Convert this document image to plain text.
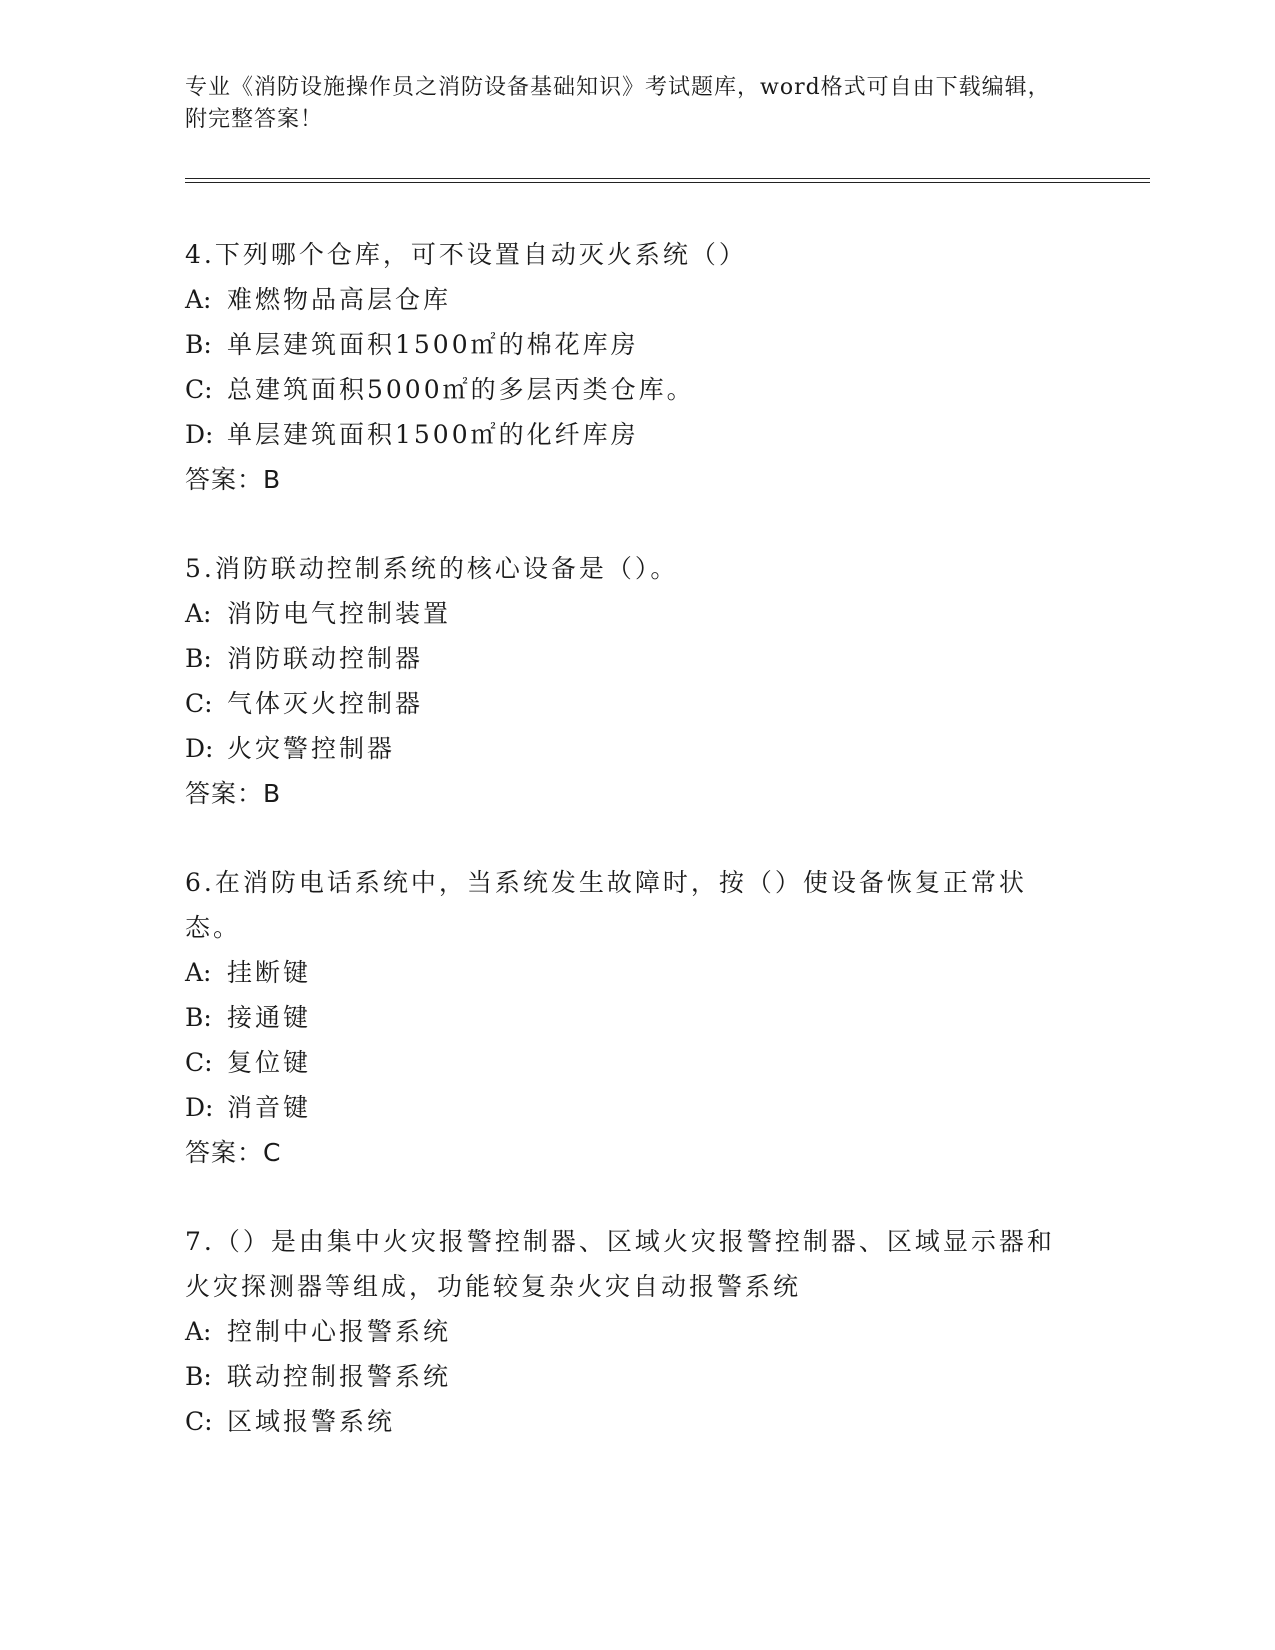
专业《消防设施操作员之消防设备基础知识》考试题库，word格式可自由下载编辑，附完整答案！
4.下列哪个仓库，可不设置自动灭火系统（）
A: 难燃物品高层仓库
B: 单层建筑面积1500㎡的棉花库房
C: 总建筑面积5000㎡的多层丙类仓库。
D: 单层建筑面积1500㎡的化纤库房
答案：B
5.消防联动控制系统的核心设备是（）。
A: 消防电气控制装置
B: 消防联动控制器
C: 气体灭火控制器
D: 火灾警控制器
答案：B
6.在消防电话系统中，当系统发生故障时，按（）使设备恢复正常状态。
A: 挂断键
B: 接通键
C: 复位键
D: 消音键
答案：C
7.（）是由集中火灾报警控制器、区域火灾报警控制器、区域显示器和火灾探测器等组成，功能较复杂火灾自动报警系统
A: 控制中心报警系统
B: 联动控制报警系统
C: 区域报警系统
